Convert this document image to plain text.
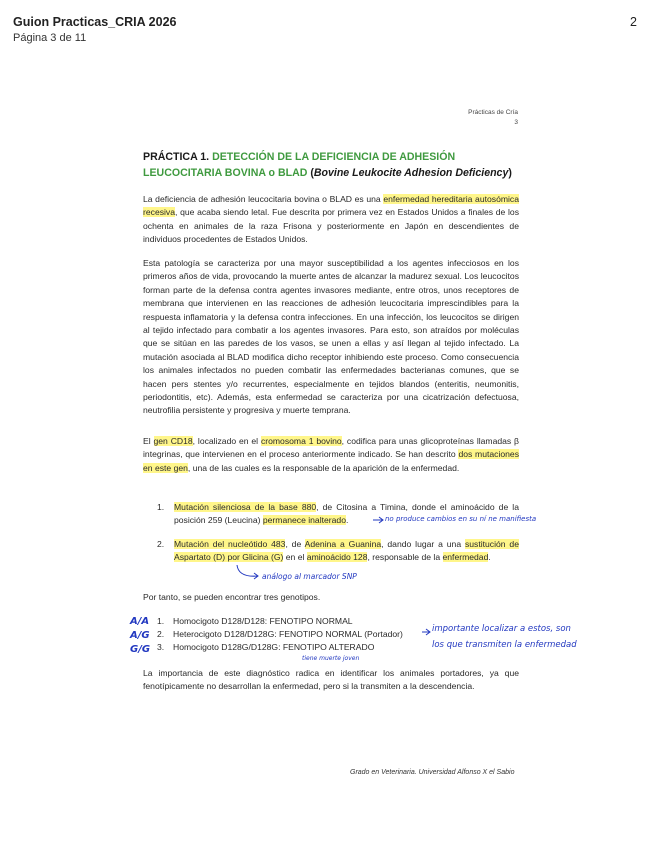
Guion Practicas_CRIA 2026	2
Página 3 de 11
Prácticas de Cría
3
PRÁCTICA 1. DETECCIÓN DE LA DEFICIENCIA DE ADHESIÓN LEUCOCITARIA BOVINA o BLAD (Bovine Leukocite Adhesion Deficiency)

La deficiencia de adhesión leucocitaria bovina o BLAD es una enfermedad hereditaria autosómica recesiva, que acaba siendo letal. Fue descrita por primera vez en Estados Unidos a finales de los ochenta en animales de la raza Frisona y posteriormente en Japón en descendientes de individuos procedentes de Estados Unidos.

Esta patología se caracteriza por una mayor susceptibilidad a los agentes infecciosos en los primeros años de vida, provocando la muerte antes de alcanzar la madurez sexual. Los leucocitos forman parte de la defensa contra agentes invasores mediante, entre otros, unos receptores de membrana que intervienen en las reacciones de adhesión leucocitaria imprescindibles para la respuesta inflamatoria y la defensa contra infecciones. En una infección, los leucocitos se dirigen al tejido infectado para combatir a los agentes invasores. Para esto, son atraídos por moléculas que se sitúan en las paredes de los vasos, se unen a ellas y así llegan al tejido infectado. La mutación asociada al BLAD modifica dicho receptor inhibiendo este proceso. Como consecuencia los animales infectados no pueden combatir las enfermedades bacterianas comunes, que se hacen pers stentes y/o recurrentes, especialmente en tejidos blandos (enteritis, neumonitis, periodontitis, etc). Además, esta enfermedad se caracteriza por una cicatrización defectuosa, neutrofilia persistente y progresiva y muerte temprana.

El gen CD18, localizado en el cromosoma 1 bovino, codifica para unas glicoproteínas llamadas β integrinas, que intervienen en el proceso anteriormente indicado. Se han descrito dos mutaciones en este gen, una de las cuales es la responsable de la aparición de la enfermedad.

1. Mutación silenciosa de la base 880, de Citosina a Timina, donde el aminoácido de la posición 259 (Leucina) permanece inalterado.
2. Mutación del nucleótido 483, de Adenina a Guanina, dando lugar a una sustitución de Aspartato (D) por Glicina (G) en el aminoácido 128, responsable de la enfermedad.

Por tanto, se pueden encontrar tres genotipos.

1. Homocigoto D128/D128: FENOTIPO NORMAL
2. Heterocigoto D128/D128G: FENOTIPO NORMAL (Portador)
3. Homocigoto D128G/D128G: FENOTIPO ALTERADO

La importancia de este diagnóstico radica en identificar los animales portadores, ya que fenotípicamente no desarrollan la enfermedad, pero si la transmiten a la descendencia.

Grado en Veterinaria. Universidad Alfonso X el Sabio
A/A
A/G
G/G
no produce cambios en su ní ne manifiesta
análogo al marcador SNP
importante localizar a estos, son
los que transmiten la enfermedad
tiene muerte joven
